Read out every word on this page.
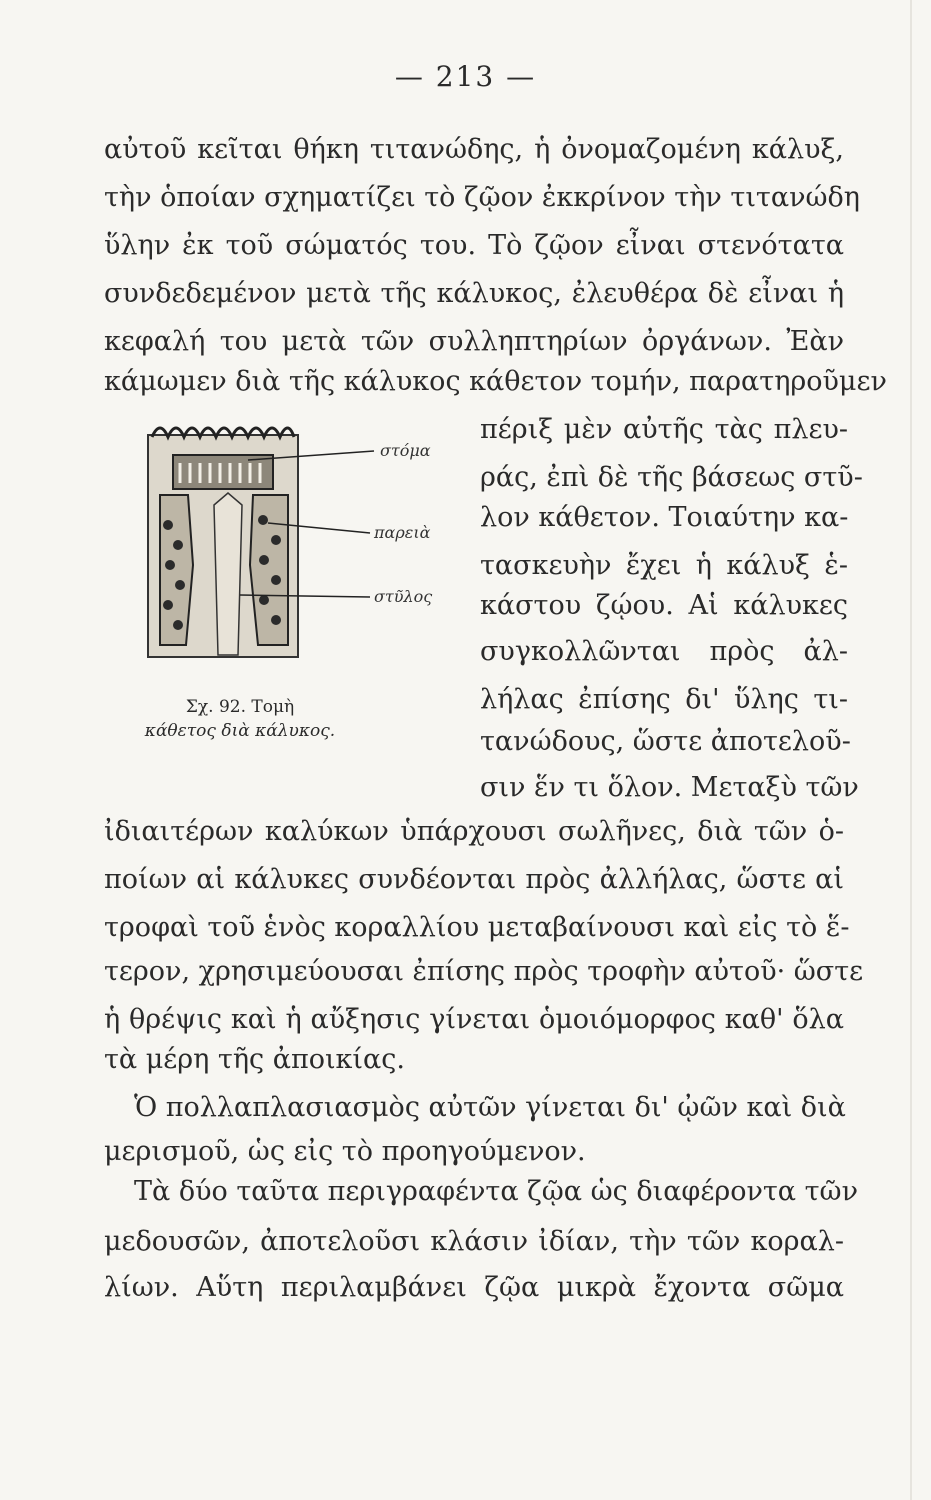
— 213 —
αὐτοῦ κεῖται θήκη τιτανώδης, ἡ ὀνομαζομένη κάλυξ,
τὴν ὁποίαν σχηματίζει τὸ ζῷον ἐκκρίνον τὴν τιτανώδη
ὕλην ἐκ τοῦ σώματός του. Τὸ ζῷον εἶναι στενότατα
συνδεδεμένον μετὰ τῆς κάλυκος, ἐλευθέρα δὲ εἶναι ἡ
κεφαλή του μετὰ τῶν συλληπτηρίων ὀργάνων. Ἐὰν
κάμωμεν διὰ τῆς κάλυκος κάθετον τομήν, παρατηροῦμεν
πέριξ μὲν αὐτῆς τὰς πλευ-
ράς, ἐπὶ δὲ τῆς βάσεως στῦ-
λον κάθετον. Τοιαύτην κα-
τασκευὴν ἔχει ἡ κάλυξ ἑ-
κάστου ζῴου. Αἱ κάλυκες
συγκολλῶνται πρὸς ἀλ-
λήλας ἐπίσης δι' ὕλης τι-
τανώδους, ὥστε ἀποτελοῦ-
σιν ἕν τι ὅλον. Μεταξὺ τῶν
στόμα
παρειὰ
στῦλος
Σχ. 92. Τομὴ
κάθετος διὰ κάλυκος.
ἰδιαιτέρων καλύκων ὑπάρχουσι σωλῆνες, διὰ τῶν ὁ-
ποίων αἱ κάλυκες συνδέονται πρὸς ἀλλήλας, ὥστε αἱ
τροφαὶ τοῦ ἑνὸς κοραλλίου μεταβαίνουσι καὶ εἰς τὸ ἕ-
τερον, χρησιμεύουσαι ἐπίσης πρὸς τροφὴν αὐτοῦ· ὥστε
ἡ θρέψις καὶ ἡ αὔξησις γίνεται ὁμοιόμορφος καθ' ὅλα
τὰ μέρη τῆς ἀποικίας.
Ὁ πολλαπλασιασμὸς αὐτῶν γίνεται δι' ᾠῶν καὶ διὰ
μερισμοῦ, ὡς εἰς τὸ προηγούμενον.
Τὰ δύο ταῦτα περιγραφέντα ζῷα ὡς διαφέροντα τῶν
μεδουσῶν, ἀποτελοῦσι κλάσιν ἰδίαν, τὴν τῶν κοραλ-
λίων. Αὕτη περιλαμβάνει ζῷα μικρὰ ἔχοντα σῶμα
